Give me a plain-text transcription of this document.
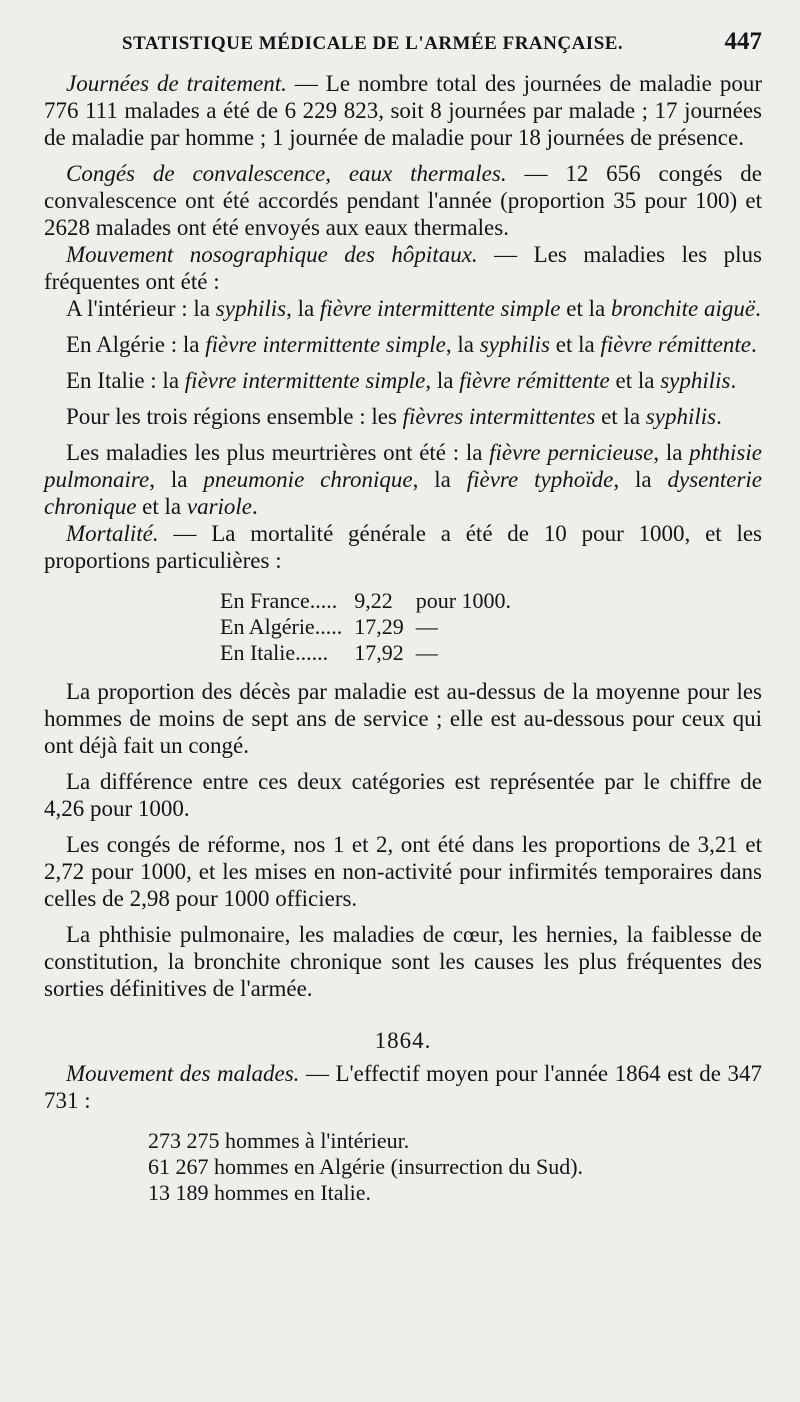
STATISTIQUE MÉDICALE DE L'ARMÉE FRANÇAISE.	447

Journées de traitement. — Le nombre total des journées de maladie pour 776 111 malades a été de 6 229 823, soit 8 journées par malade ; 17 journées de maladie par homme ; 1 journée de maladie pour 18 journées de présence.

Congés de convalescence, eaux thermales. — 12 656 congés de convalescence ont été accordés pendant l'année (proportion 35 pour 100) et 2628 malades ont été envoyés aux eaux thermales.

Mouvement nosographique des hôpitaux. — Les maladies les plus fréquentes ont été :

A l'intérieur : la syphilis, la fièvre intermittente simple et la bronchite aiguë.

En Algérie : la fièvre intermittente simple, la syphilis et la fièvre rémittente.

En Italie : la fièvre intermittente simple, la fièvre rémittente et la syphilis.

Pour les trois régions ensemble : les fièvres intermittentes et la syphilis.

Les maladies les plus meurtrières ont été : la fièvre pernicieuse, la phthisie pulmonaire, la pneumonie chronique, la fièvre typhoïde, la dysenterie chronique et la variole.

Mortalité. — La mortalité générale a été de 10 pour 1000, et les proportions particulières :

En France.....	9,22	pour 1000.
En Algérie.....	17,29	—
En Italie......	17,92	—

La proportion des décès par maladie est au-dessus de la moyenne pour les hommes de moins de sept ans de service ; elle est au-dessous pour ceux qui ont déjà fait un congé.

La différence entre ces deux catégories est représentée par le chiffre de 4,26 pour 1000.

Les congés de réforme, nos 1 et 2, ont été dans les proportions de 3,21 et 2,72 pour 1000, et les mises en non-activité pour infirmités temporaires dans celles de 2,98 pour 1000 officiers.

La phthisie pulmonaire, les maladies de cœur, les hernies, la faiblesse de constitution, la bronchite chronique sont les causes les plus fréquentes des sorties définitives de l'armée.

1864.

Mouvement des malades. — L'effectif moyen pour l'année 1864 est de 347 731 :

273 275 hommes à l'intérieur.
61 267 hommes en Algérie (insurrection du Sud).
13 189 hommes en Italie.
